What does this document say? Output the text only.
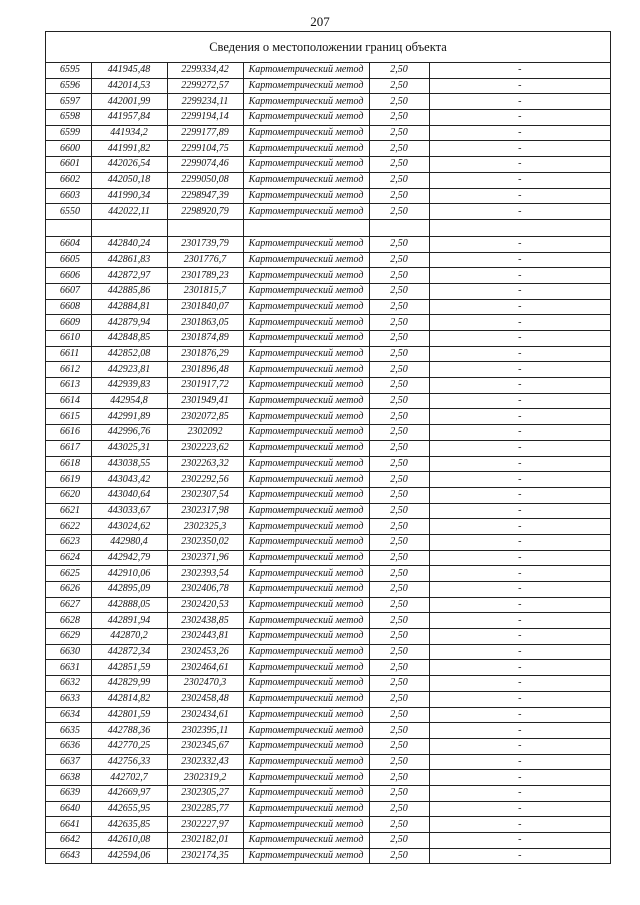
207
Сведения о местоположении границ объекта
6595	441945,48	2299334,42	Картометрический метод	2,50	-
6596	442014,53	2299272,57	Картометрический метод	2,50	-
6597	442001,99	2299234,11	Картометрический метод	2,50	-
6598	441957,84	2299194,14	Картометрический метод	2,50	-
6599	441934,2	2299177,89	Картометрический метод	2,50	-
6600	441991,82	2299104,75	Картометрический метод	2,50	-
6601	442026,54	2299074,46	Картометрический метод	2,50	-
6602	442050,18	2299050,08	Картометрический метод	2,50	-
6603	441990,34	2298947,39	Картометрический метод	2,50	-
6550	442022,11	2298920,79	Картометрический метод	2,50	-

6604	442840,24	2301739,79	Картометрический метод	2,50	-
6605	442861,83	2301776,7	Картометрический метод	2,50	-
6606	442872,97	2301789,23	Картометрический метод	2,50	-
6607	442885,86	2301815,7	Картометрический метод	2,50	-
6608	442884,81	2301840,07	Картометрический метод	2,50	-
6609	442879,94	2301863,05	Картометрический метод	2,50	-
6610	442848,85	2301874,89	Картометрический метод	2,50	-
6611	442852,08	2301876,29	Картометрический метод	2,50	-
6612	442923,81	2301896,48	Картометрический метод	2,50	-
6613	442939,83	2301917,72	Картометрический метод	2,50	-
6614	442954,8	2301949,41	Картометрический метод	2,50	-
6615	442991,89	2302072,85	Картометрический метод	2,50	-
6616	442996,76	2302092	Картометрический метод	2,50	-
6617	443025,31	2302223,62	Картометрический метод	2,50	-
6618	443038,55	2302263,32	Картометрический метод	2,50	-
6619	443043,42	2302292,56	Картометрический метод	2,50	-
6620	443040,64	2302307,54	Картометрический метод	2,50	-
6621	443033,67	2302317,98	Картометрический метод	2,50	-
6622	443024,62	2302325,3	Картометрический метод	2,50	-
6623	442980,4	2302350,02	Картометрический метод	2,50	-
6624	442942,79	2302371,96	Картометрический метод	2,50	-
6625	442910,06	2302393,54	Картометрический метод	2,50	-
6626	442895,09	2302406,78	Картометрический метод	2,50	-
6627	442888,05	2302420,53	Картометрический метод	2,50	-
6628	442891,94	2302438,85	Картометрический метод	2,50	-
6629	442870,2	2302443,81	Картометрический метод	2,50	-
6630	442872,34	2302453,26	Картометрический метод	2,50	-
6631	442851,59	2302464,61	Картометрический метод	2,50	-
6632	442829,99	2302470,3	Картометрический метод	2,50	-
6633	442814,82	2302458,48	Картометрический метод	2,50	-
6634	442801,59	2302434,61	Картометрический метод	2,50	-
6635	442788,36	2302395,11	Картометрический метод	2,50	-
6636	442770,25	2302345,67	Картометрический метод	2,50	-
6637	442756,33	2302332,43	Картометрический метод	2,50	-
6638	442702,7	2302319,2	Картометрический метод	2,50	-
6639	442669,97	2302305,27	Картометрический метод	2,50	-
6640	442655,95	2302285,77	Картометрический метод	2,50	-
6641	442635,85	2302227,97	Картометрический метод	2,50	-
6642	442610,08	2302182,01	Картометрический метод	2,50	-
6643	442594,06	2302174,35	Картометрический метод	2,50	-
